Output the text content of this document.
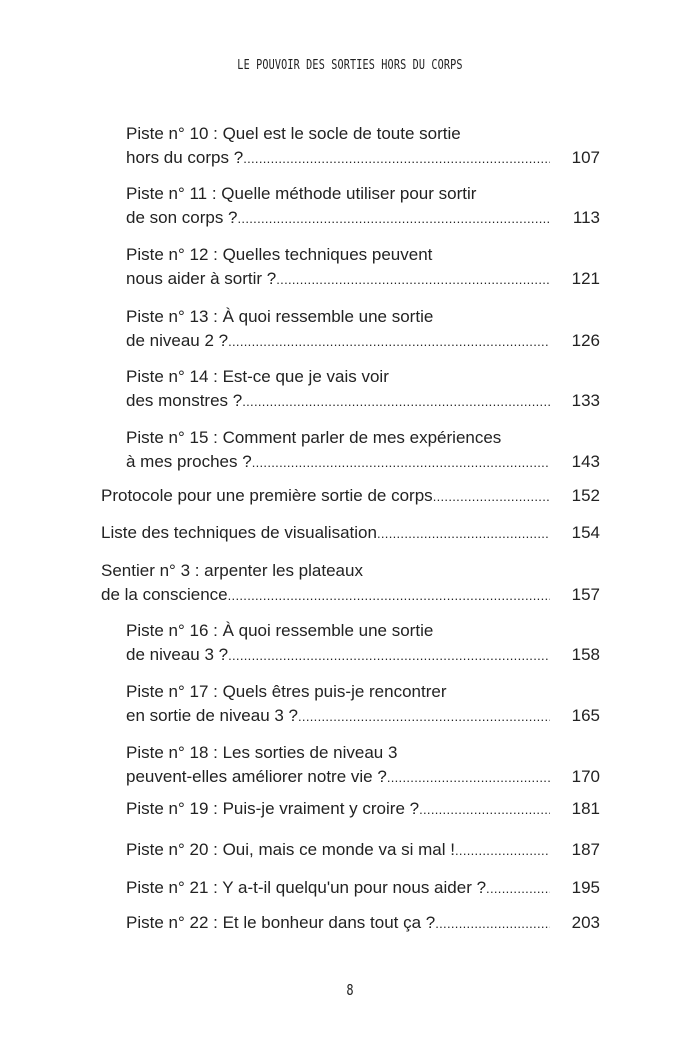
LE POUVOIR DES SORTIES HORS DU CORPS
Piste n° 10 : Quel est le socle de toute sortie
hors du corps ? .....	107
Piste n° 11 : Quelle méthode utiliser pour sortir
de son corps ? .....	113
Piste n° 12 : Quelles techniques peuvent
nous aider à sortir ? .....	121
Piste n° 13 : À quoi ressemble une sortie
de niveau 2 ? .....	126
Piste n° 14 : Est-ce que je vais voir
des monstres ? .....	133
Piste n° 15 : Comment parler de mes expériences
à mes proches ? .....	143
Protocole pour une première sortie de corps .....	152
Liste des techniques de visualisation .....	154
Sentier n° 3 : arpenter les plateaux
de la conscience .....	157
Piste n° 16 : À quoi ressemble une sortie
de niveau 3 ? .....	158
Piste n° 17 : Quels êtres puis-je rencontrer
en sortie de niveau 3 ? .....	165
Piste n° 18 : Les sorties de niveau 3
peuvent-elles améliorer notre vie ? .....	170
Piste n° 19 : Puis-je vraiment y croire ? .....	181
Piste n° 20 : Oui, mais ce monde va si mal ! .....	187
Piste n° 21 : Y a-t-il quelqu'un pour nous aider ? .....	195
Piste n° 22 : Et le bonheur dans tout ça ? .....	203
8
